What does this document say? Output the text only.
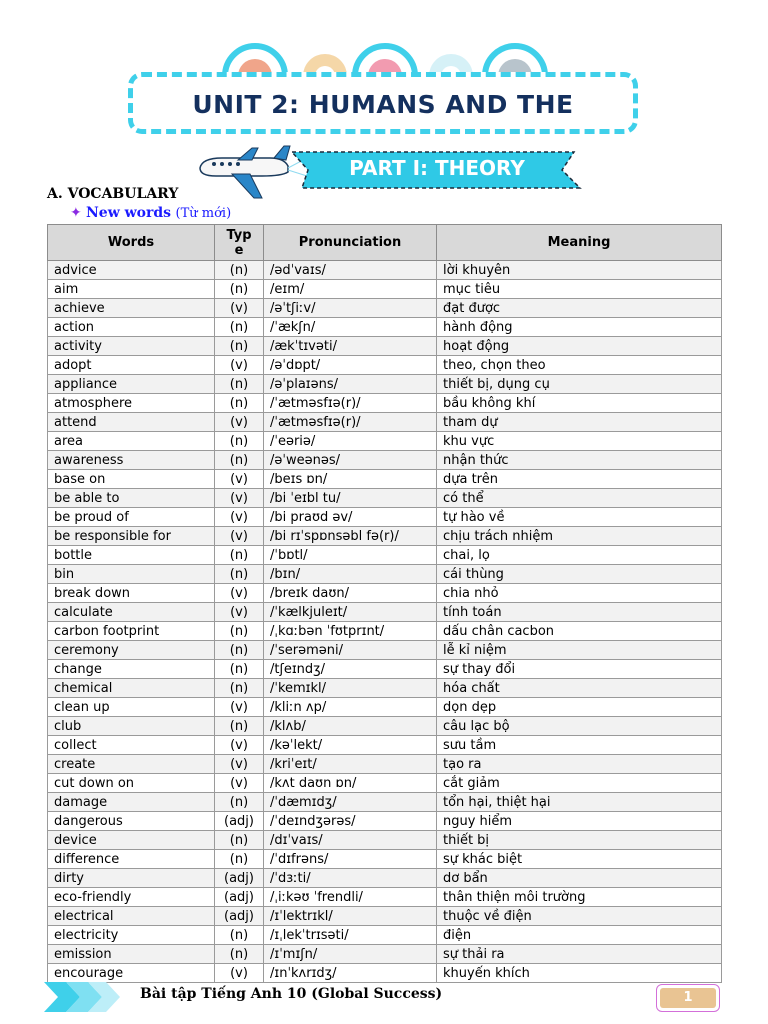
UNIT 2: HUMANS AND THE
PART I: THEORY
A. VOCABULARY
✦ New words (Từ mới)
Words	Type	Pronunciation	Meaning
advice	(n)	/ədˈvaɪs/	lời khuyên
aim	(n)	/eɪm/	mục tiêu
achieve	(v)	/əˈtʃiːv/	đạt được
action	(n)	/ˈækʃn/	hành động
activity	(n)	/ækˈtɪvəti/	hoạt động
adopt	(v)	/əˈdɒpt/	theo, chọn theo
appliance	(n)	/əˈplaɪəns/	thiết bị, dụng cụ
atmosphere	(n)	/ˈætməsfɪə(r)/	bầu không khí
attend	(v)	/ˈætməsfɪə(r)/	tham dự
area	(n)	/ˈeəriə/	khu vực
awareness	(n)	/əˈweənəs/	nhận thức
base on	(v)	/beɪs ɒn/	dựa trên
be able to	(v)	/bi ˈeɪbl tu/	có thể
be proud of	(v)	/bi praʊd əv/	tự hào về
be responsible for	(v)	/bi rɪˈspɒnsəbl fə(r)/	chịu trách nhiệm
bottle	(n)	/ˈbɒtl/	chai, lọ
bin	(n)	/bɪn/	cái thùng
break down	(v)	/breɪk daʊn/	chia nhỏ
calculate	(v)	/ˈkælkjuleɪt/	tính toán
carbon footprint	(n)	/ˌkɑːbən ˈfʊtprɪnt/	dấu chân cacbon
ceremony	(n)	/ˈserəməni/	lễ kỉ niệm
change	(n)	/tʃeɪndʒ/	sự thay đổi
chemical	(n)	/ˈkemɪkl/	hóa chất
clean up	(v)	/kliːn ʌp/	dọn dẹp
club	(n)	/klʌb/	câu lạc bộ
collect	(v)	/kəˈlekt/	sưu tầm
create	(v)	/kriˈeɪt/	tạo ra
cut down on	(v)	/kʌt daʊn ɒn/	cắt giảm
damage	(n)	/ˈdæmɪdʒ/	tổn hại, thiệt hại
dangerous	(adj)	/ˈdeɪndʒərəs/	nguy hiểm
device	(n)	/dɪˈvaɪs/	thiết bị
difference	(n)	/ˈdɪfrəns/	sự khác biệt
dirty	(adj)	/ˈdɜːti/	dơ bẩn
eco-friendly	(adj)	/ˌiːkəʊ ˈfrendli/	thân thiện môi trường
electrical	(adj)	/ɪˈlektrɪkl/	thuộc về điện
electricity	(n)	/ɪˌlekˈtrɪsəti/	điện
emission	(n)	/ɪˈmɪʃn/	sự thải ra
encourage	(v)	/ɪnˈkʌrɪdʒ/	khuyến khích
Bài tập Tiếng Anh 10 (Global Success)	1
